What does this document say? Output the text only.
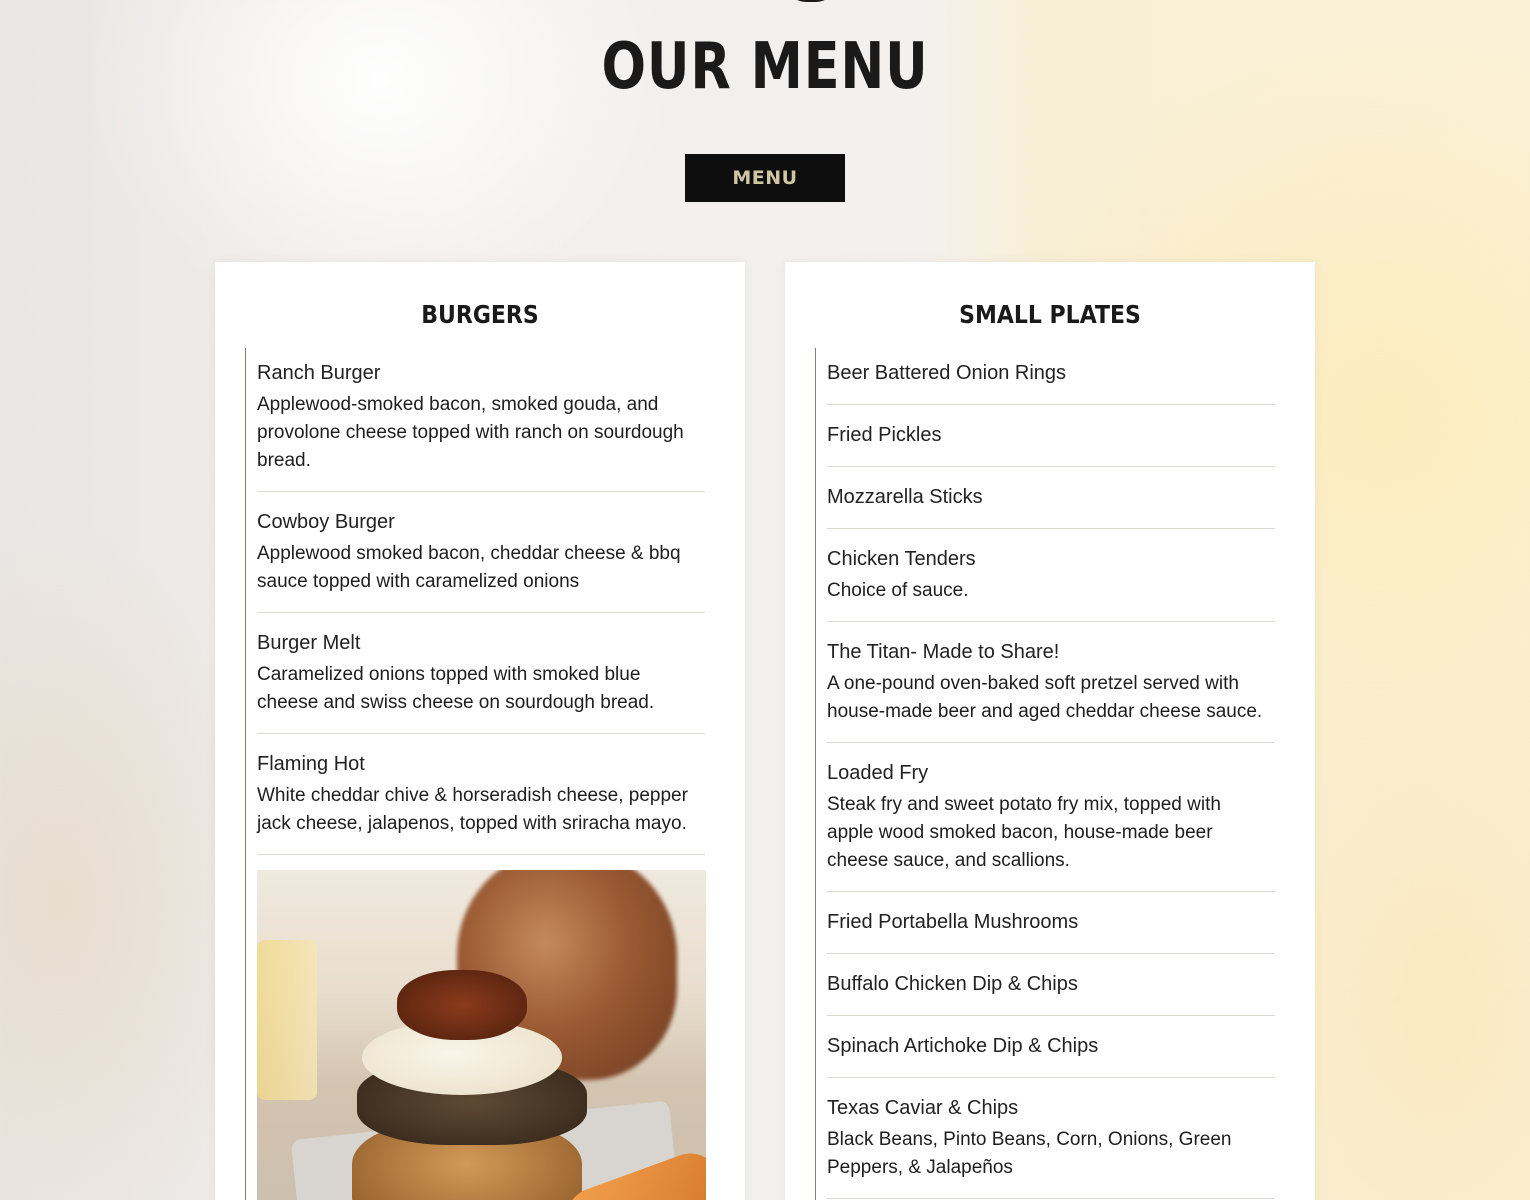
OUR MENU
MENU
BURGERS
Ranch Burger
Applewood-smoked bacon, smoked gouda, and provolone cheese topped with ranch on sourdough bread.
Cowboy Burger
Applewood smoked bacon, cheddar cheese & bbq sauce topped with caramelized onions
Burger Melt
Caramelized onions topped with smoked blue cheese and swiss cheese on sourdough bread.
Flaming Hot
White cheddar chive & horseradish cheese, pepper jack cheese, jalapenos, topped with sriracha mayo.
SMALL PLATES
Beer Battered Onion Rings
Fried Pickles
Mozzarella Sticks
Chicken Tenders
Choice of sauce.
The Titan- Made to Share!
A one-pound oven-baked soft pretzel served with house-made beer and aged cheddar cheese sauce.
Loaded Fry
Steak fry and sweet potato fry mix, topped with apple wood smoked bacon, house-made beer cheese sauce, and scallions.
Fried Portabella Mushrooms
Buffalo Chicken Dip & Chips
Spinach Artichoke Dip & Chips
Texas Caviar & Chips
Black Beans, Pinto Beans, Corn, Onions, Green Peppers, & Jalapeños
